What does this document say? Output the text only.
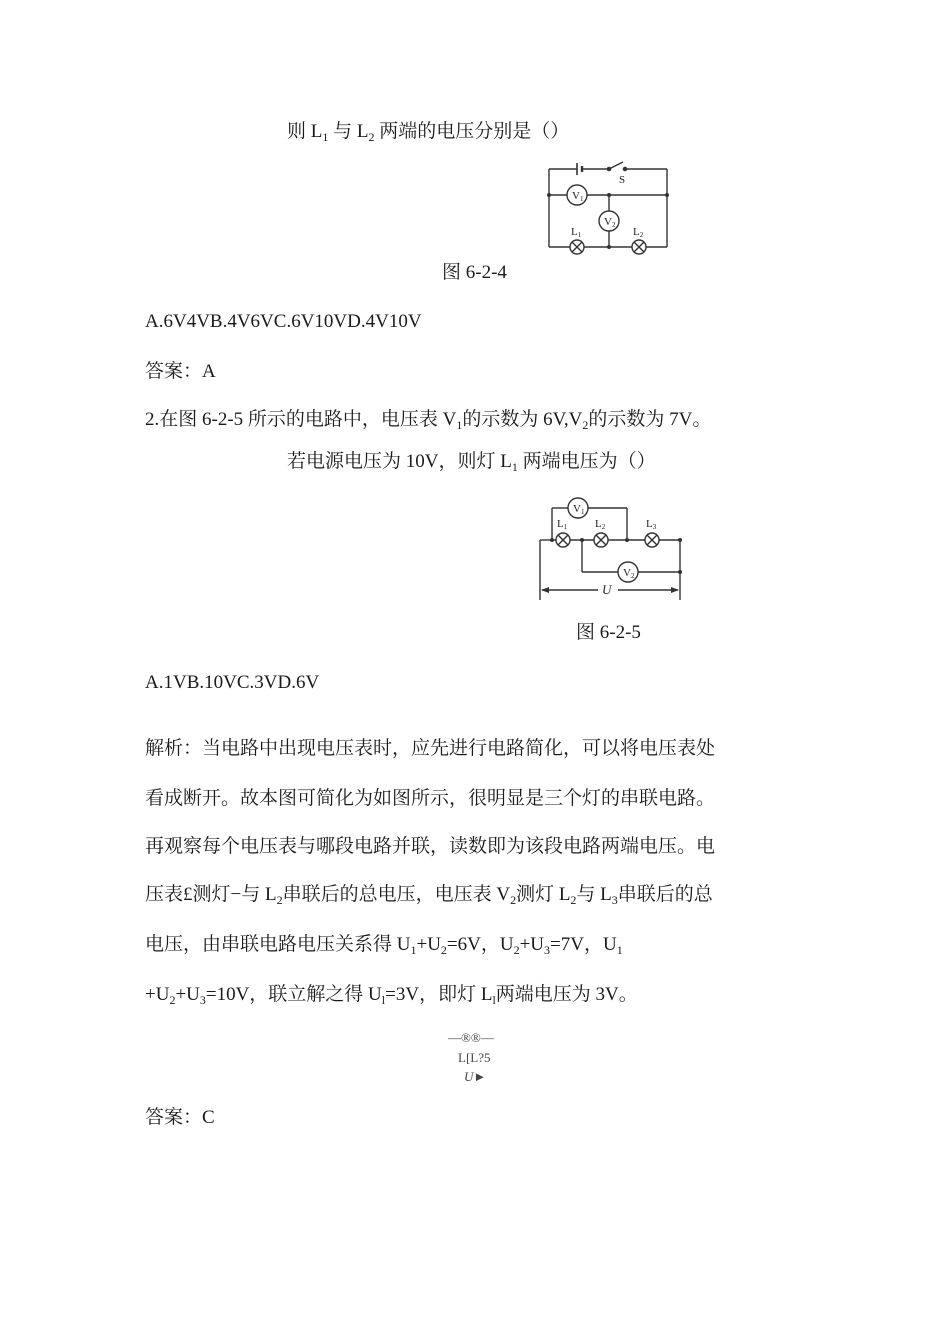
则 $L_1$ 与 $L_2$ 两端的电压分别是（）
S
V1
V2
L1	L2
图 6-2-4
A.6V4VB.4V6VC.6V10VD.4V10V
答案：A
2.在图 6-2-5 所示的电路中，电压表 $V_1$的示数为 $6V,V_2$的示数为 7V。
若电源电压为 10V，则灯 $L_1$ 两端电压为（）
V1
V2
L1	L2	L3
U
图 6-2-5
A.1VB.10VC.3VD.6V
解析：当电路中出现电压表时，应先进行电路简化，可以将电压表处
看成断开。故本图可简化为如图所示，很明显是三个灯的串联电路。
再观察每个电压表与哪段电路并联，读数即为该段电路两端电压。电
压表£测灯−与 $L_2$串联后的总电压，电压表 $V_2$测灯 $L_2$与 $L_3$串联后的总
电压，由串联电路电压关系得 $U_1+U_2=6V$，$U_2+U_3=7V$，$U_1$
$+U_2+U_3=10V$，联立解之得 $U_l=3V$，即灯 $L_l$两端电压为 3V。
—®®—
L[L?5
U►
答案：C
